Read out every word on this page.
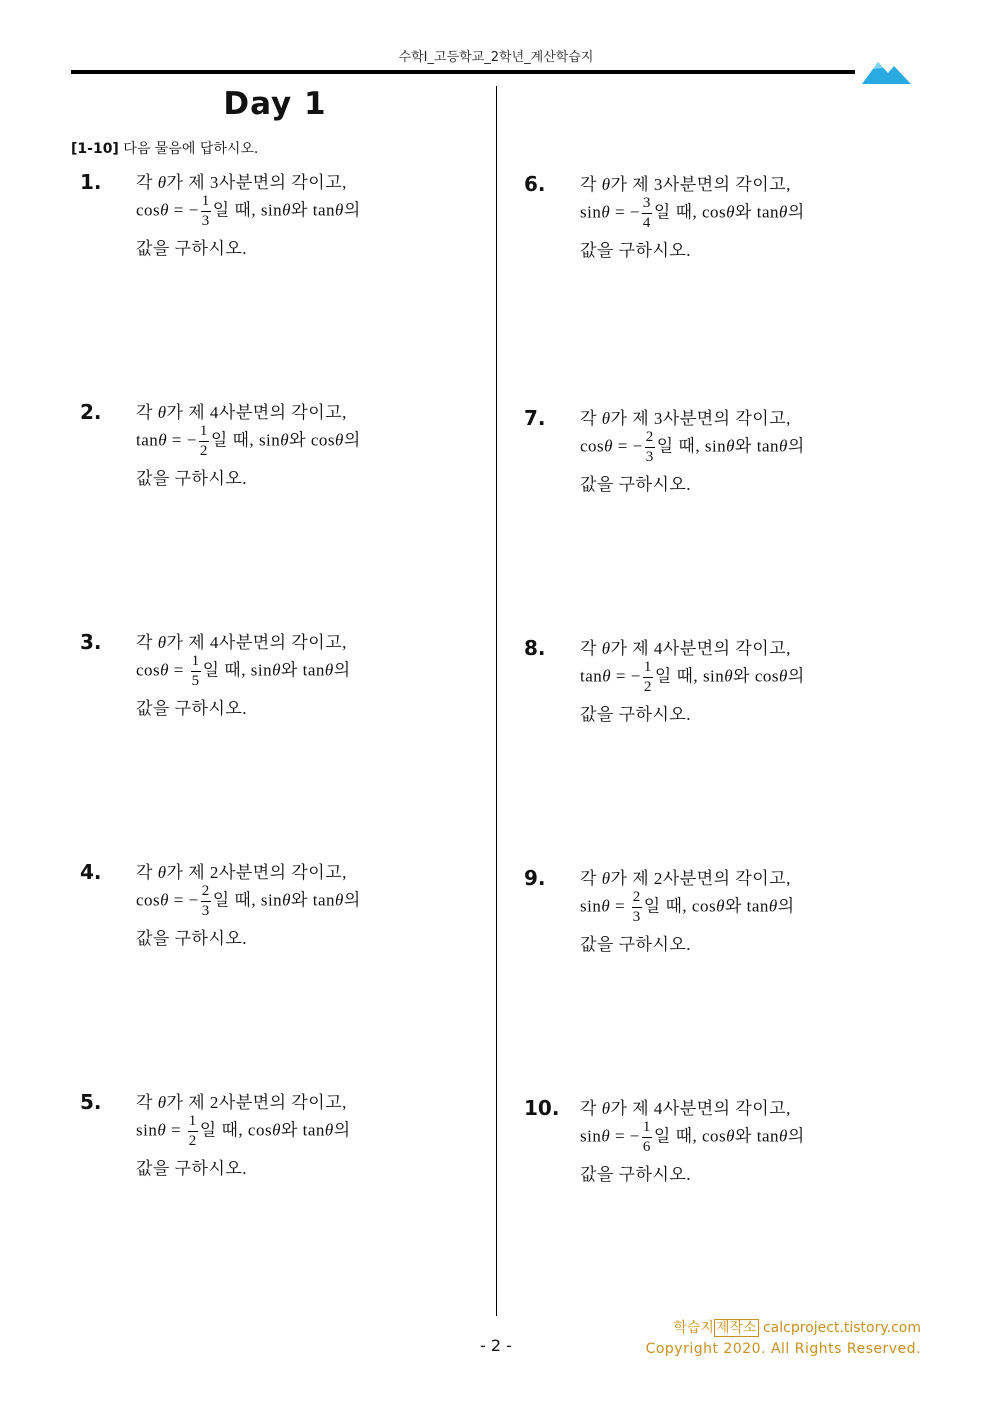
수학I_고등학교_2학년_계산학습지
Day 1
[1-10] 다음 물음에 답하시오.
1. 각 θ가 제 3사분면의 각이고,
cosθ = − $\frac{1}{3}$ 일 때, sinθ와 tanθ의
값을 구하시오.
2. 각 θ가 제 4사분면의 각이고,
tanθ = − $\frac{1}{2}$ 일 때, sinθ와 cosθ의
값을 구하시오.
3. 각 θ가 제 4사분면의 각이고,
$\cos\theta = \frac{1}{5}$ 일 때, sinθ와 tanθ의
값을 구하시오.
4. 각 θ가 제 2사분면의 각이고,
cosθ = − $\frac{2}{3}$ 일 때, sinθ와 tanθ의
값을 구하시오.
5. 각 θ가 제 2사분면의 각이고,
$\sin\theta = \frac{1}{2}$ 일 때, cosθ와 tanθ의
값을 구하시오.
6. 각 θ가 제 3사분면의 각이고,
sinθ = − $\frac{3}{4}$ 일 때, cosθ와 tanθ의
값을 구하시오.
7. 각 θ가 제 3사분면의 각이고,
cosθ = − $\frac{2}{3}$ 일 때, sinθ와 tanθ의
값을 구하시오.
8. 각 θ가 제 4사분면의 각이고,
tanθ = − $\frac{1}{2}$ 일 때, sinθ와 cosθ의
값을 구하시오.
9. 각 θ가 제 2사분면의 각이고,
$\sin\theta = \frac{2}{3}$ 일 때, cosθ와 tanθ의
값을 구하시오.
10. 각 θ가 제 4사분면의 각이고,
sinθ = − $\frac{1}{6}$ 일 때, cosθ와 tanθ의
값을 구하시오.
학습지 제작소 calcproject.tistory.com
Copyright 2020. All Rights Reserved.
- 2 -
